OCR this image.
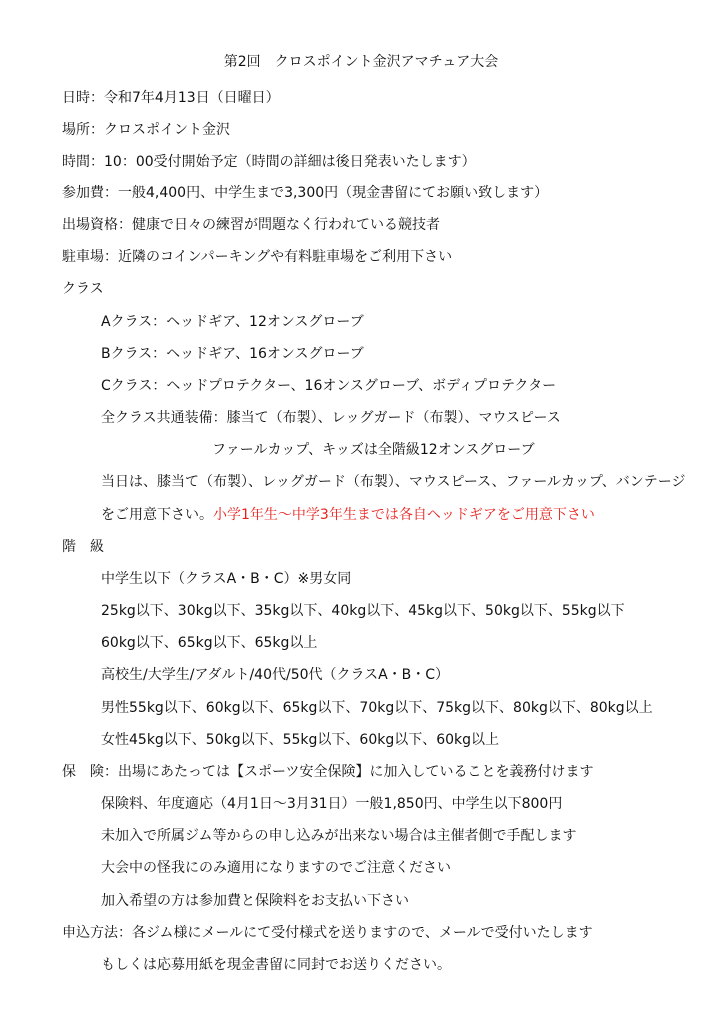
第2回　クロスポイント金沢アマチュア大会
日時：令和7年4月13日（日曜日）
場所：クロスポイント金沢
時間：10：00受付開始予定（時間の詳細は後日発表いたします）
参加費：一般4,400円、中学生まで3,300円（現金書留にてお願い致します）
出場資格：健康で日々の練習が問題なく行われている競技者
駐車場：近隣のコインパーキングや有料駐車場をご利用下さい
クラス
Aクラス：ヘッドギア、12オンスグローブ
Bクラス：ヘッドギア、16オンスグローブ
Cクラス：ヘッドプロテクター、16オンスグローブ、ボディプロテクター
全クラス共通装備：膝当て（布製）、レッグガード（布製）、マウスピース
ファールカップ、キッズは全階級12オンスグローブ
当日は、膝当て（布製）、レッグガード（布製）、マウスピース、ファールカップ、バンテージ
をご用意下さい。小学1年生～中学3年生までは各自ヘッドギアをご用意下さい
階　級
中学生以下（クラスA・B・C）※男女同
25kg以下、30kg以下、35kg以下、40kg以下、45kg以下、50kg以下、55kg以下
60kg以下、65kg以下、65kg以上
高校生/大学生/アダルト/40代/50代（クラスA・B・C）
男性55kg以下、60kg以下、65kg以下、70kg以下、75kg以下、80kg以下、80kg以上
女性45kg以下、50kg以下、55kg以下、60kg以下、60kg以上
保　険：出場にあたっては【スポーツ安全保険】に加入していることを義務付けます
保険料、年度適応（4月1日～3月31日）一般1,850円、中学生以下800円
未加入で所属ジム等からの申し込みが出来ない場合は主催者側で手配します
大会中の怪我にのみ適用になりますのでご注意ください
加入希望の方は参加費と保険料をお支払い下さい
申込方法：各ジム様にメールにて受付様式を送りますので、メールで受付いたします
もしくは応募用紙を現金書留に同封でお送りください。
